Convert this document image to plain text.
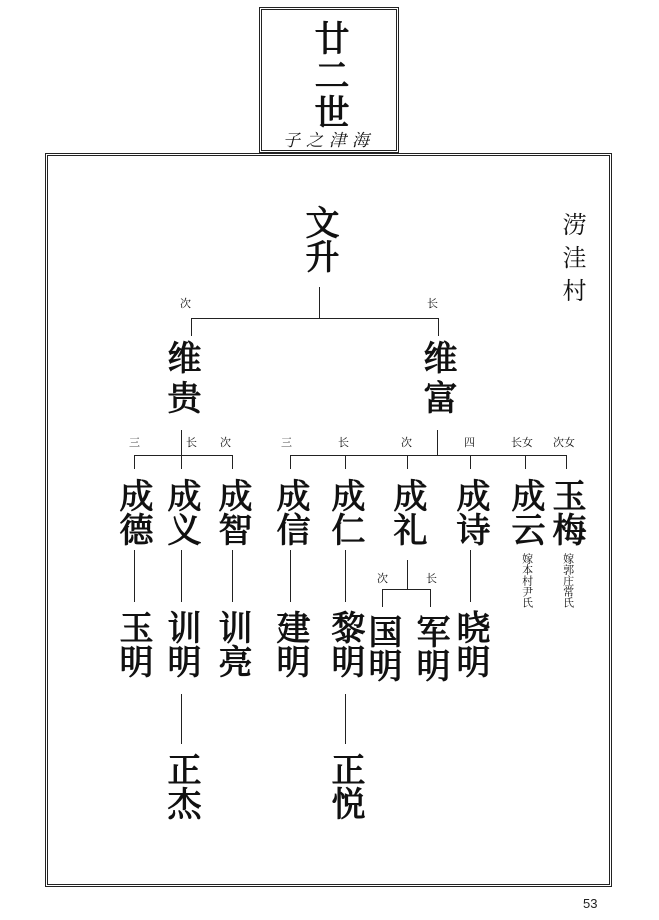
廿二世
子之津海
涝洼村
文升
次	长
维贵	维富
三	长 次	三	长	次	四	长女 次女
成德 成义 成智 成信 成仁 成礼 成诗 成云 玉梅
嫁本村尹氏	嫁郭庄常氏
次	长
玉明 训明 训亮 建明 黎明
国明 军明 晓明
正杰	正悦
53
